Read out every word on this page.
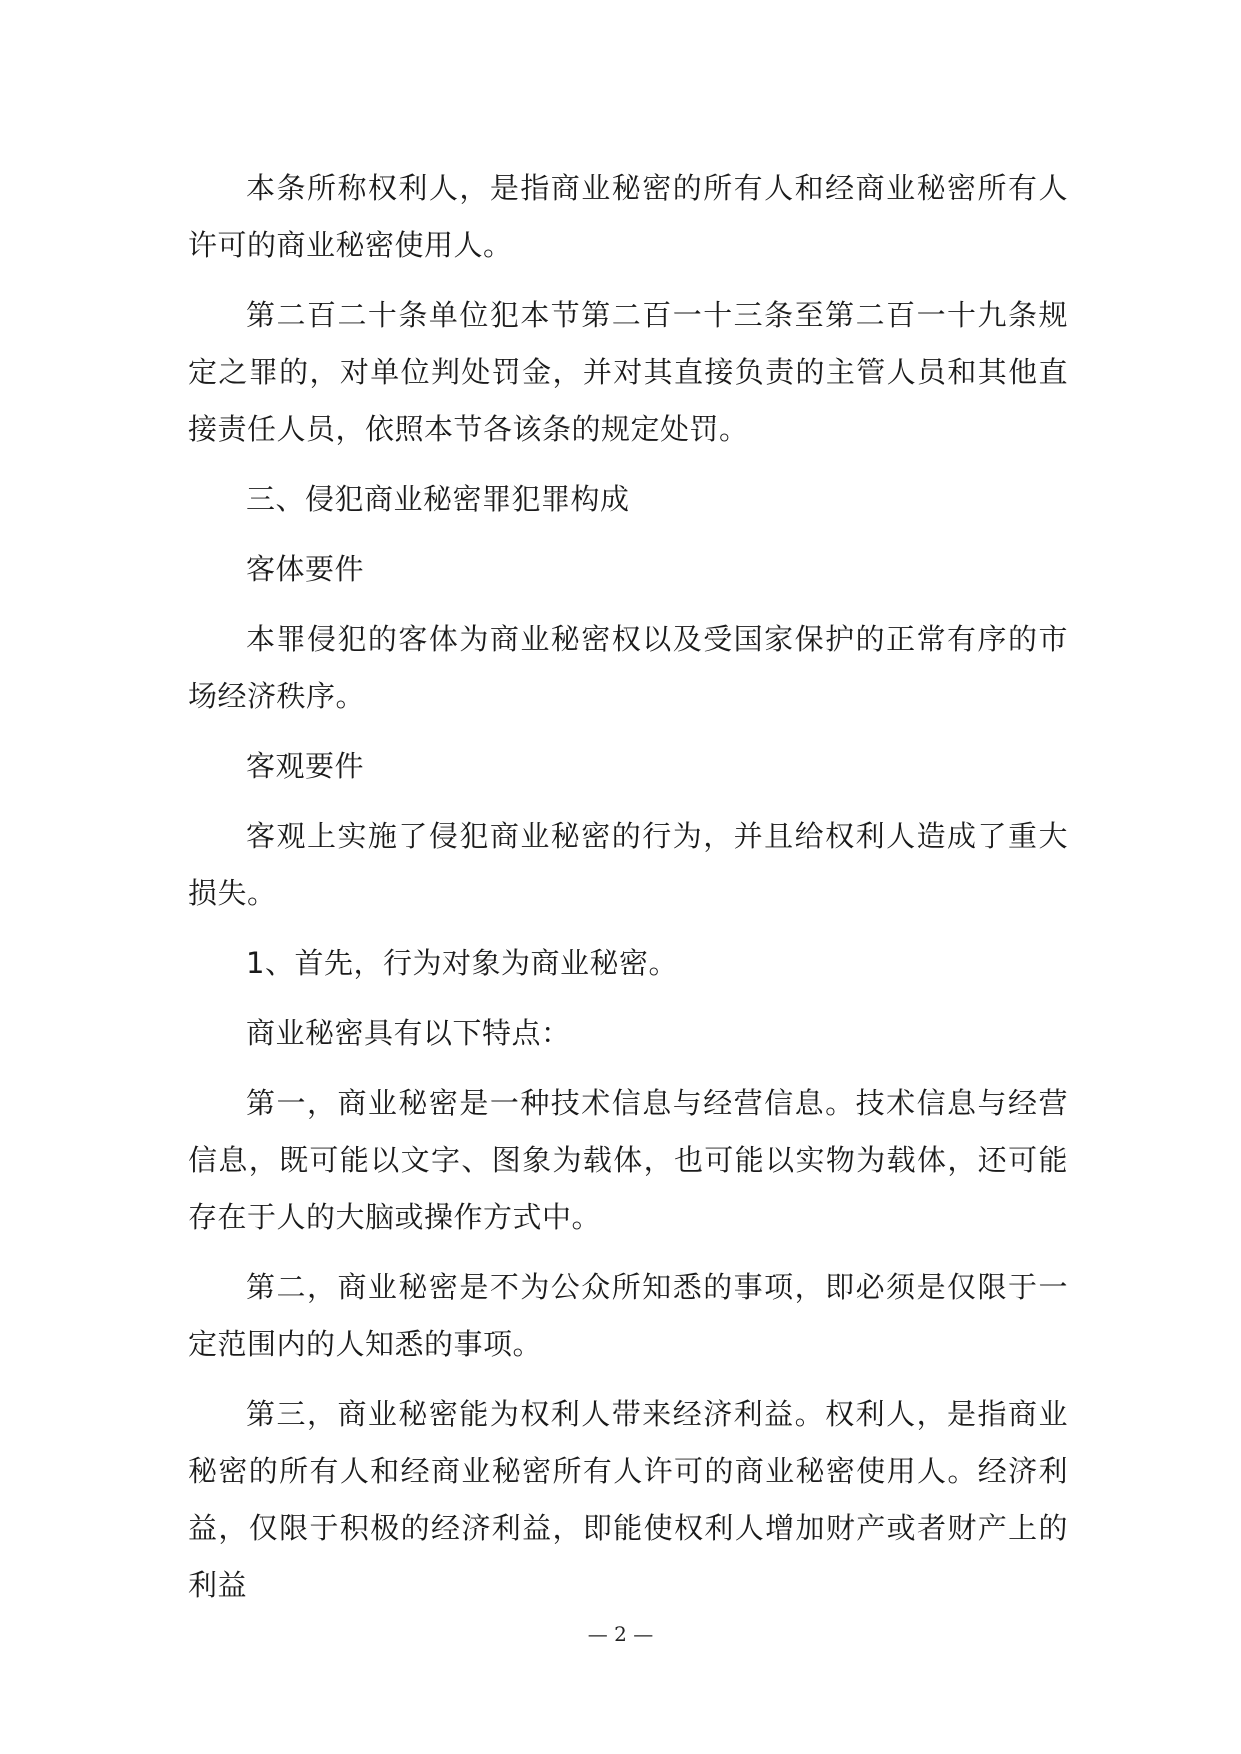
本条所称权利人，是指商业秘密的所有人和经商业秘密所有人许可的商业秘密使用人。

第二百二十条单位犯本节第二百一十三条至第二百一十九条规定之罪的，对单位判处罚金，并对其直接负责的主管人员和其他直接责任人员，依照本节各该条的规定处罚。

三、侵犯商业秘密罪犯罪构成

客体要件

本罪侵犯的客体为商业秘密权以及受国家保护的正常有序的市场经济秩序。

客观要件

客观上实施了侵犯商业秘密的行为，并且给权利人造成了重大损失。

1、首先，行为对象为商业秘密。

商业秘密具有以下特点：

第一，商业秘密是一种技术信息与经营信息。技术信息与经营信息，既可能以文字、图象为载体，也可能以实物为载体，还可能存在于人的大脑或操作方式中。

第二，商业秘密是不为公众所知悉的事项，即必须是仅限于一定范围内的人知悉的事项。

第三，商业秘密能为权利人带来经济利益。权利人，是指商业秘密的所有人和经商业秘密所有人许可的商业秘密使用人。经济利益，仅限于积极的经济利益，即能使权利人增加财产或者财产上的利益

— 2 —
